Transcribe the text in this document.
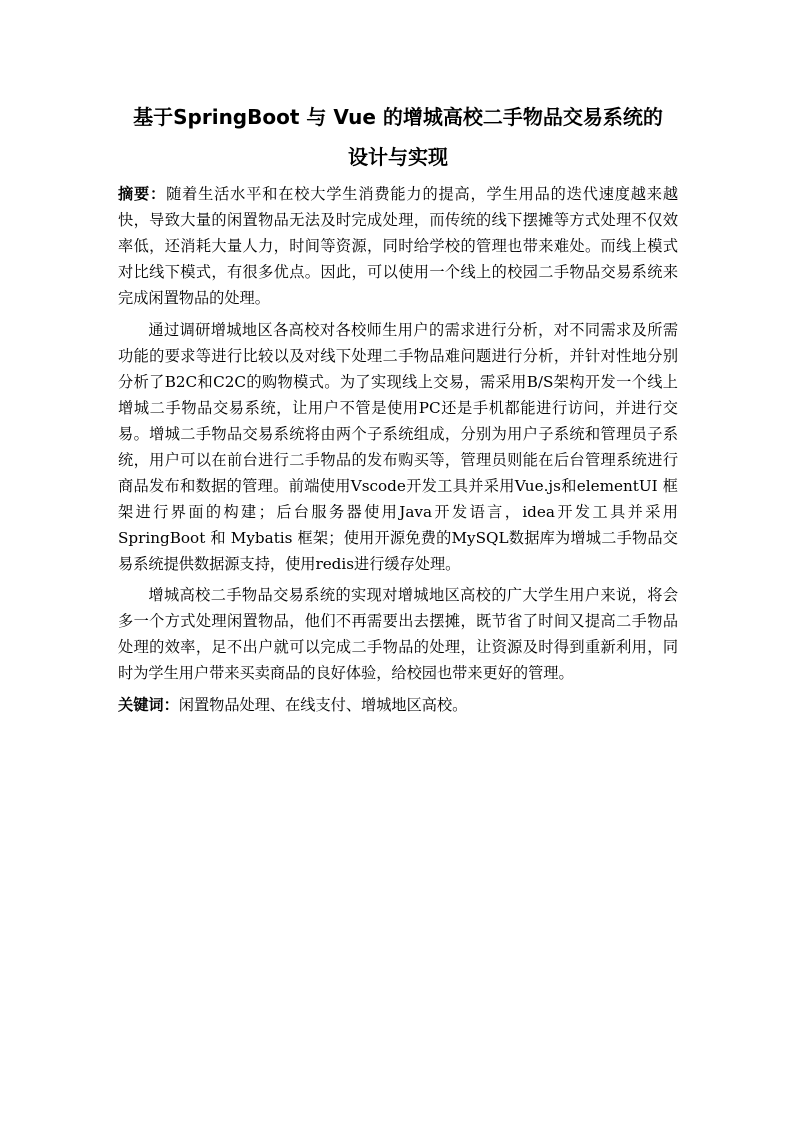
基于SpringBoot 与 Vue 的增城高校二手物品交易系统的
设计与实现

摘要：随着生活水平和在校大学生消费能力的提高，学生用品的迭代速度越来越快，导致大量的闲置物品无法及时完成处理，而传统的线下摆摊等方式处理不仅效率低，还消耗大量人力，时间等资源，同时给学校的管理也带来难处。而线上模式对比线下模式，有很多优点。因此，可以使用一个线上的校园二手物品交易系统来完成闲置物品的处理。

通过调研增城地区各高校对各校师生用户的需求进行分析，对不同需求及所需功能的要求等进行比较以及对线下处理二手物品难问题进行分析，并针对性地分别分析了B2C和C2C的购物模式。为了实现线上交易，需采用B/S架构开发一个线上增城二手物品交易系统，让用户不管是使用PC还是手机都能进行访问，并进行交易。增城二手物品交易系统将由两个子系统组成，分别为用户子系统和管理员子系统，用户可以在前台进行二手物品的发布购买等，管理员则能在后台管理系统进行商品发布和数据的管理。前端使用Vscode开发工具并采用Vue.js和elementUI 框架进行界面的构建；后台服务器使用Java开发语言，idea开发工具并采用SpringBoot 和 Mybatis 框架；使用开源免费的MySQL数据库为增城二手物品交易系统提供数据源支持，使用redis进行缓存处理。

增城高校二手物品交易系统的实现对增城地区高校的广大学生用户来说，将会多一个方式处理闲置物品，他们不再需要出去摆摊，既节省了时间又提高二手物品处理的效率，足不出户就可以完成二手物品的处理，让资源及时得到重新利用，同时为学生用户带来买卖商品的良好体验，给校园也带来更好的管理。

关键词：闲置物品处理、在线支付、增城地区高校。
